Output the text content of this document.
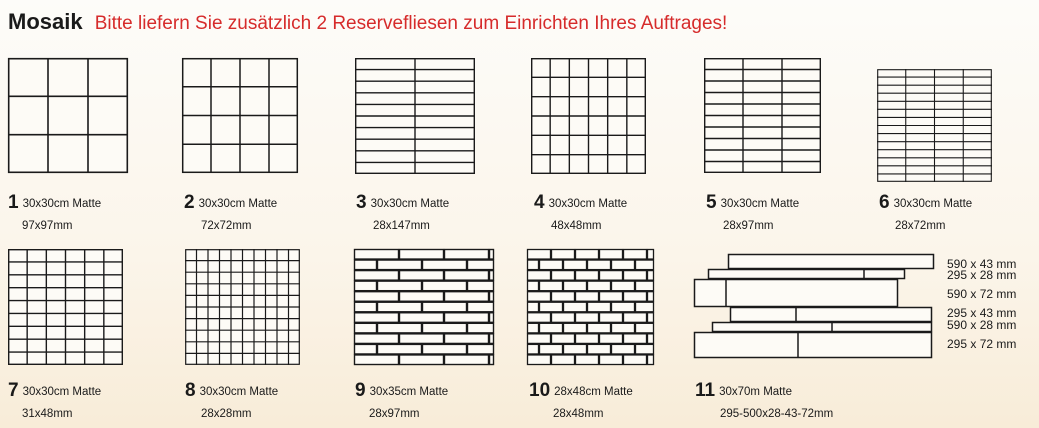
Mosaik Bitte liefern Sie zusätzlich 2 Reservefliesen zum Einrichten Ihres Auftrages!
1 30x30cm Matte
97x97mm
2 30x30cm Matte
72x72mm
3 30x30cm Matte
28x147mm
4 30x30cm Matte
48x48mm
5 30x30cm Matte
28x97mm
6 30x30cm Matte
28x72mm
7 30x30cm Matte
31x48mm
8 30x30cm Matte
28x28mm
9 30x35cm Matte
28x97mm
10 28x48cm Matte
28x48mm
11 30x70m Matte
295-500x28-43-72mm
590 x 43 mm
295 x 28 mm
590 x 72 mm
295 x 43 mm
590 x 28 mm
295 x 72 mm
